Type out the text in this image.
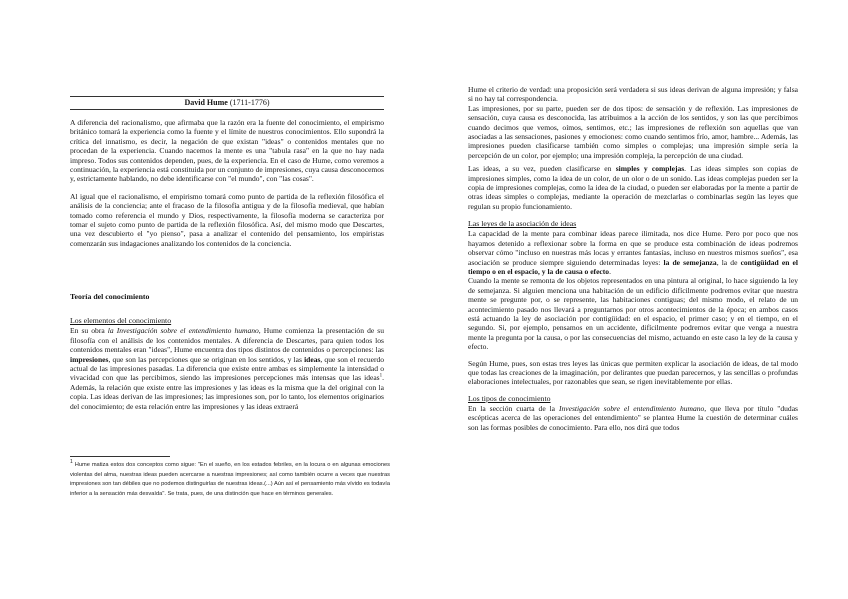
David Hume (1711-1776)

A diferencia del racionalismo, que afirmaba que la razón era la fuente del conocimiento, el empirismo británico tomará la experiencia como la fuente y el límite de nuestros conocimientos. Ello supondrá la crítica del innatismo, es decir, la negación de que existan "ideas" o contenidos mentales que no procedan de la experiencia. Cuando nacemos la mente es una "tabula rasa" en la que no hay nada impreso. Todos sus contenidos dependen, pues, de la experiencia. En el caso de Hume, como veremos a continuación, la experiencia está constituida por un conjunto de impresiones, cuya causa desconocemos y, estrictamente hablando, no debe identificarse con "el mundo", con "las cosas".

Al igual que el racionalismo, el empirismo tomará como punto de partida de la reflexión filosófica el análisis de la conciencia; ante el fracaso de la filosofía antigua y de la filosofía medieval, que habían tomado como referencia el mundo y Dios, respectivamente, la filosofía moderna se caracteriza por tomar el sujeto como punto de partida de la reflexión filosófica. Así, del mismo modo que Descartes, una vez descubierto el "yo pienso", pasa a analizar el contenido del pensamiento, los empiristas comenzarán sus indagaciones analizando los contenidos de la conciencia.

Teoría del conocimiento
Los elementos del conocimiento

En su obra la Investigación sobre el entendimiento humano, Hume comienza la presentación de su filosofía con el análisis de los contenidos mentales. A diferencia de Descartes, para quien todos los contenidos mentales eran "ideas", Hume encuentra dos tipos distintos de contenidos o percepciones: las impresiones, que son las percepciones que se originan en los sentidos, y las ideas, que son el recuerdo actual de las impresiones pasadas. La diferencia que existe entre ambas es simplemente la intensidad o vivacidad con que las percibimos, siendo las impresiones percepciones más intensas que las ideas$^1$. Además, la relación que existe entre las impresiones y las ideas es la misma que la del original con la copia. Las ideas derivan de las impresiones; las impresiones son, por lo tanto, los elementos originarios del conocimiento; de esta relación entre las impresiones y las ideas extraerá

$^1$ Hume matiza estos dos conceptos como sigue: "En el sueño, en los estados febriles, en la locura o en algunas emociones violentas del alma, nuestras ideas pueden acercarse a nuestras impresiones; así como también ocurre a veces que nuestras impresiones son tan débiles que no podemos distinguirlas de nuestras ideas.(...) Aún así el pensamiento más vívido es todavía inferior a la sensación más desvaída". Se trata, pues, de una distinción que hace en términos generales.

Hume el criterio de verdad: una proposición será verdadera si sus ideas derivan de alguna impresión; y falsa si no hay tal correspondencia.

Las impresiones, por su parte, pueden ser de dos tipos: de sensación y de reflexión. Las impresiones de sensación, cuya causa es desconocida, las atribuimos a la acción de los sentidos, y son las que percibimos cuando decimos que vemos, oímos, sentimos, etc.; las impresiones de reflexión son aquellas que van asociadas a las sensaciones, pasiones y emociones: como cuando sentimos frío, amor, hambre... Además, las impresiones pueden clasificarse también como simples o complejas; una impresión simple sería la percepción de un color, por ejemplo; una impresión compleja, la percepción de una ciudad.

Las ideas, a su vez, pueden clasificarse en simples y complejas. Las ideas simples son copias de impresiones simples, como la idea de un color, de un olor o de un sonido. Las ideas complejas pueden ser la copia de impresiones complejas, como la idea de la ciudad, o pueden ser elaboradas por la mente a partir de otras ideas simples o complejas, mediante la operación de mezclarlas o combinarlas según las leyes que regulan su propio funcionamiento.

Las leyes de la asociación de ideas

La capacidad de la mente para combinar ideas parece ilimitada, nos dice Hume. Pero por poco que nos hayamos detenido a reflexionar sobre la forma en que se produce esta combinación de ideas podremos observar cómo "incluso en nuestras más locas y errantes fantasías, incluso en nuestros mismos sueños", esa asociación se produce siempre siguiendo determinadas leyes: la de semejanza, la de contigüidad en el tiempo o en el espacio, y la de causa o efecto.

Cuando la mente se remonta de los objetos representados en una pintura al original, lo hace siguiendo la ley de semejanza. Si alguien menciona una habitación de un edificio difícilmente podremos evitar que nuestra mente se pregunte por, o se represente, las habitaciones contiguas; del mismo modo, el relato de un acontecimiento pasado nos llevará a preguntarnos por otros acontecimientos de la época; en ambos casos está actuando la ley de asociación por contigüidad: en el espacio, el primer caso; y en el tiempo, en el segundo. Si, por ejemplo, pensamos en un accidente, difícilmente podremos evitar que venga a nuestra mente la pregunta por la causa, o por las consecuencias del mismo, actuando en este caso la ley de la causa y efecto.

Según Hume, pues, son estas tres leyes las únicas que permiten explicar la asociación de ideas, de tal modo que todas las creaciones de la imaginación, por delirantes que puedan parecernos, y las sencillas o profundas elaboraciones intelectuales, por razonables que sean, se rigen inevitablemente por ellas.

Los tipos de conocimiento

En la sección cuarta de la Investigación sobre el entendimiento humano, que lleva por título "dudas escépticas acerca de las operaciones del entendimiento" se plantea Hume la cuestión de determinar cuáles son las formas posibles de conocimiento. Para ello, nos dirá que todos
